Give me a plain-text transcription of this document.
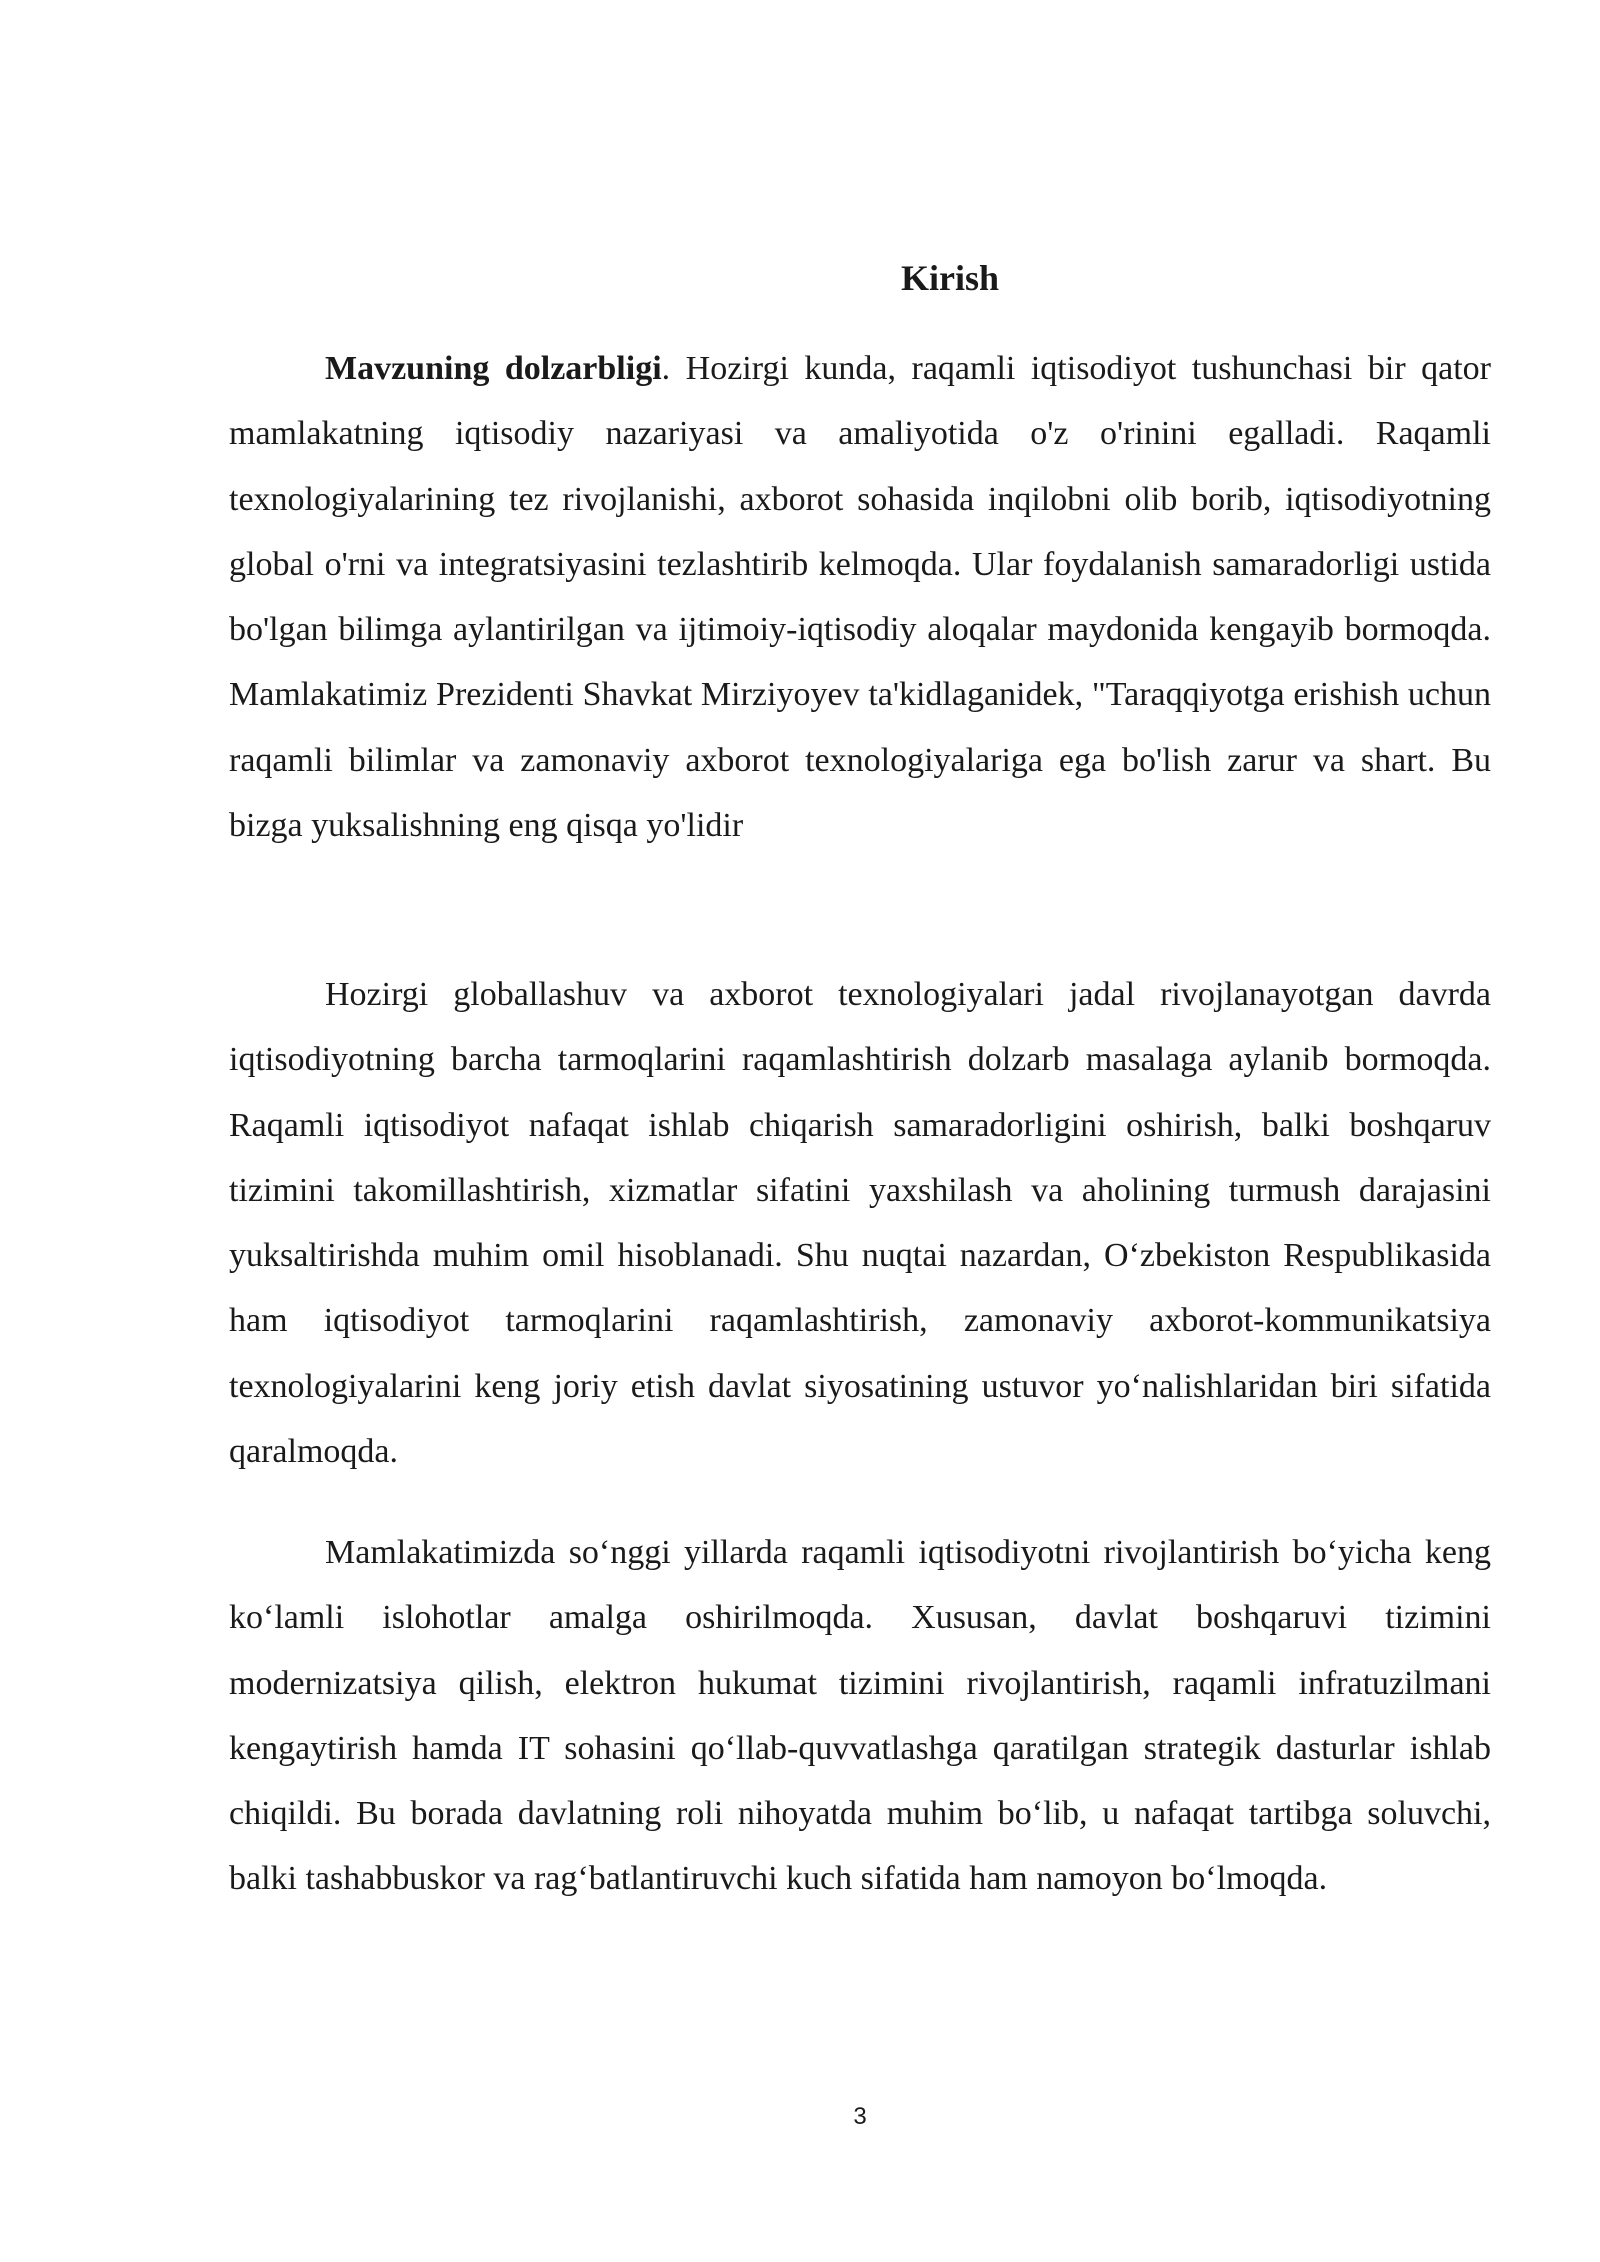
Kirish

Mavzuning dolzarbligi. Hozirgi kunda, raqamli iqtisodiyot tushunchasi bir qator mamlakatning iqtisodiy nazariyasi va amaliyotida o'z o'rinini egalladi. Raqamli texnologiyalarining tez rivojlanishi, axborot sohasida inqilobni olib borib, iqtisodiyotning global o'rni va integratsiyasini tezlashtirib kelmoqda. Ular foydalanish samaradorligi ustida bo'lgan bilimga aylantirilgan va ijtimoiy-iqtisodiy aloqalar maydonida kengayib bormoqda. Mamlakatimiz Prezidenti Shavkat Mirziyoyev ta'kidlaganidek, "Taraqqiyotga erishish uchun raqamli bilimlar va zamonaviy axborot texnologiyalariga ega bo'lish zarur va shart. Bu bizga yuksalishning eng qisqa yo'lidir

Hozirgi globallashuv va axborot texnologiyalari jadal rivojlanayotgan davrda iqtisodiyotning barcha tarmoqlarini raqamlashtirish dolzarb masalaga aylanib bormoqda. Raqamli iqtisodiyot nafaqat ishlab chiqarish samaradorligini oshirish, balki boshqaruv tizimini takomillashtirish, xizmatlar sifatini yaxshilash va aholining turmush darajasini yuksaltirishda muhim omil hisoblanadi. Shu nuqtai nazardan, O‘zbekiston Respublikasida ham iqtisodiyot tarmoqlarini raqamlashtirish, zamonaviy axborot-kommunikatsiya texnologiyalarini keng joriy etish davlat siyosatining ustuvor yo‘nalishlaridan biri sifatida qaralmoqda.

Mamlakatimizda so‘nggi yillarda raqamli iqtisodiyotni rivojlantirish bo‘yicha keng ko‘lamli islohotlar amalga oshirilmoqda. Xususan, davlat boshqaruvi tizimini modernizatsiya qilish, elektron hukumat tizimini rivojlantirish, raqamli infratuzilmani kengaytirish hamda IT sohasini qo‘llab-quvvatlashga qaratilgan strategik dasturlar ishlab chiqildi. Bu borada davlatning roli nihoyatda muhim bo‘lib, u nafaqat tartibga soluvchi, balki tashabbuskor va rag‘batlantiruvchi kuch sifatida ham namoyon bo‘lmoqda.

3
